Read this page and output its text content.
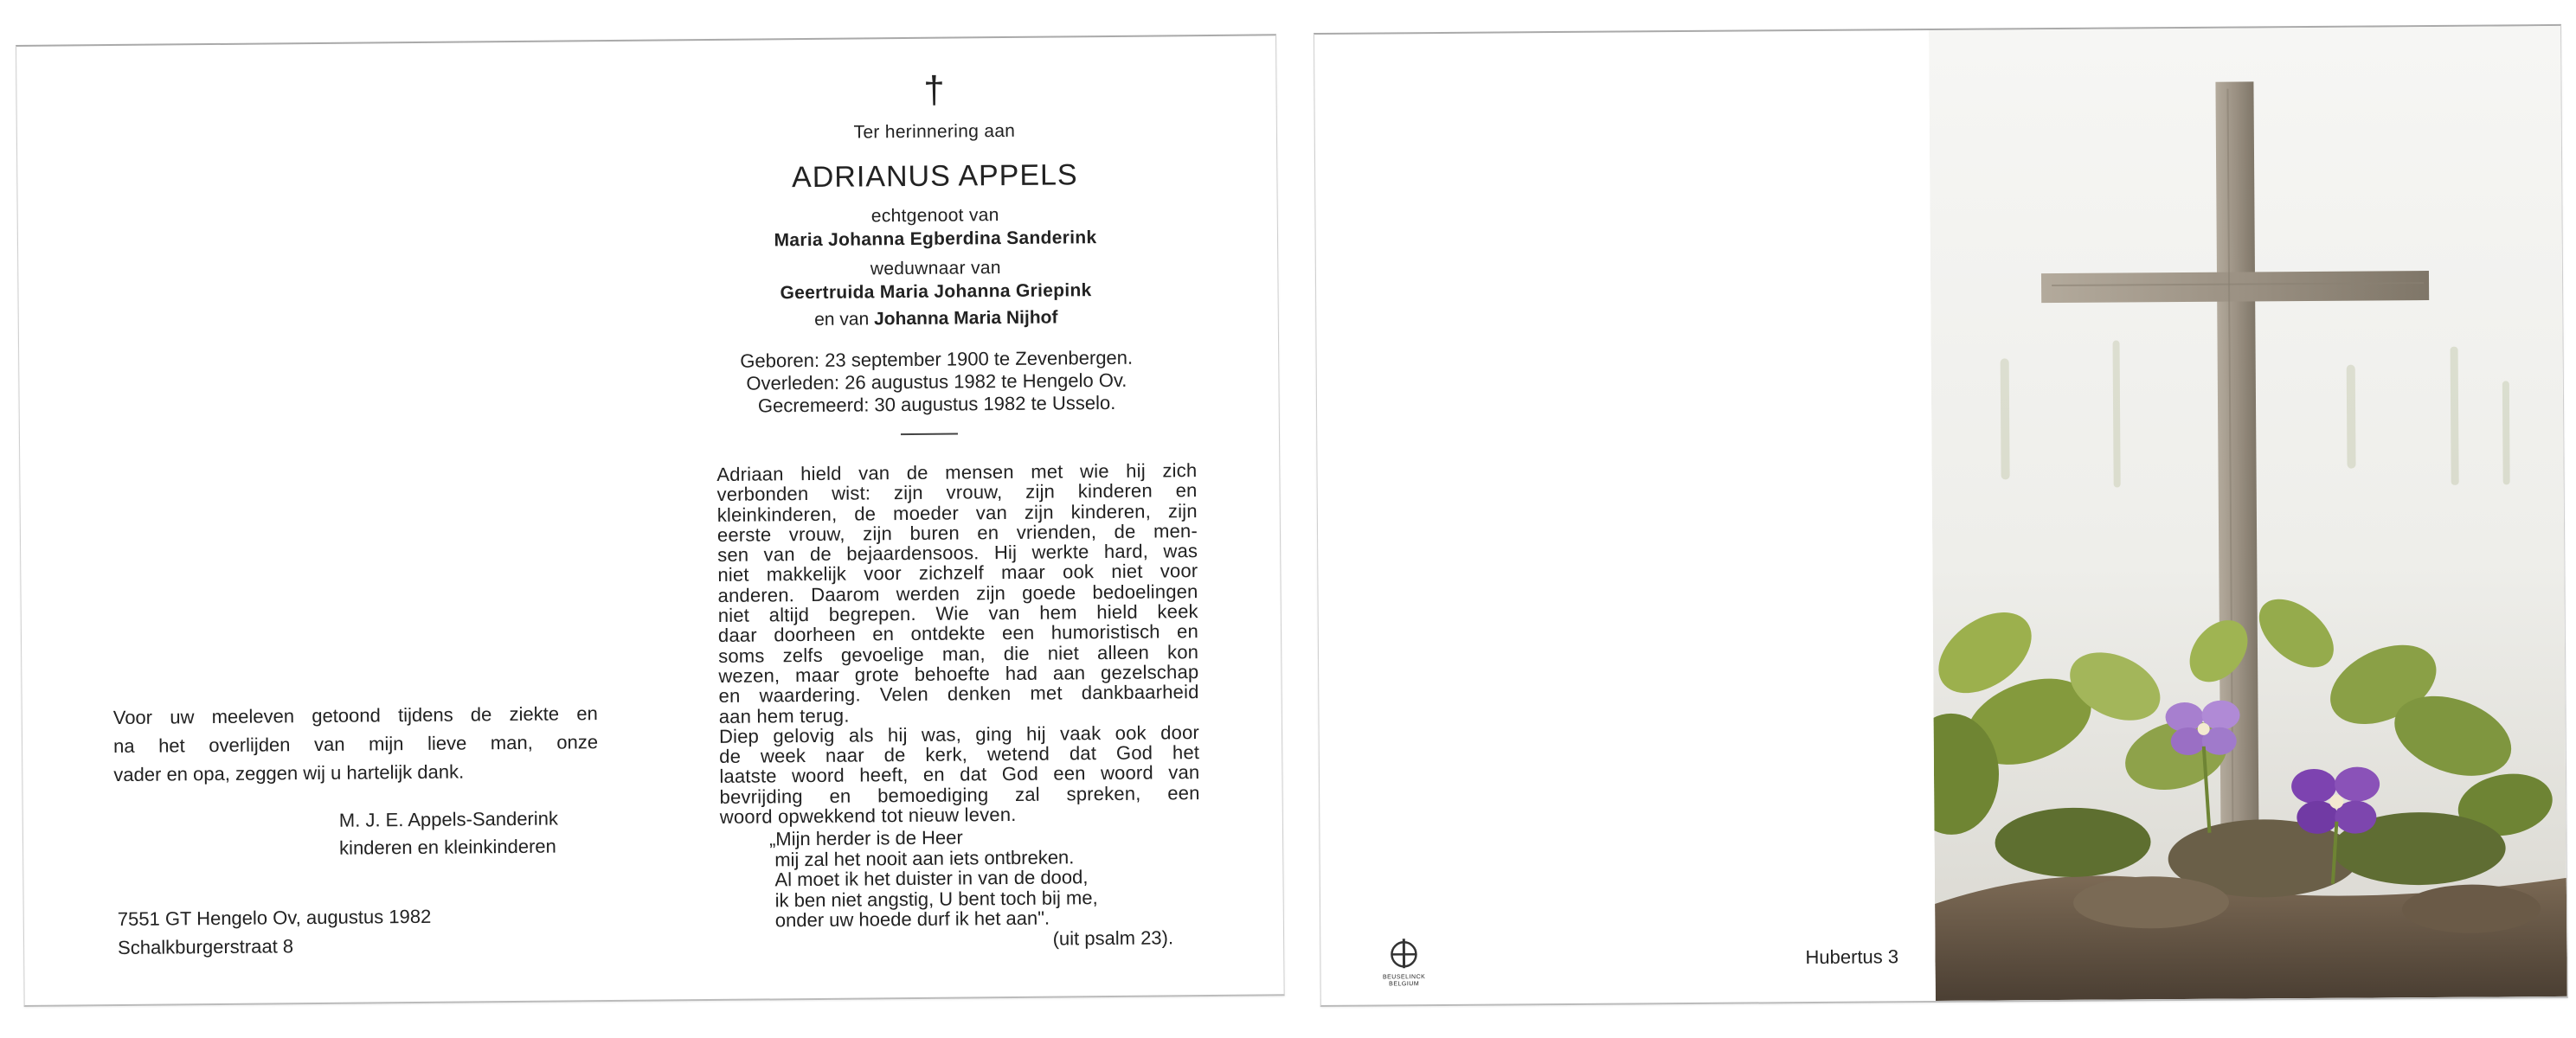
†
Ter herinnering aan
ADRIANUS APPELS
echtgenoot van
Maria Johanna Egberdina Sanderink
weduwnaar van
Geertruida Maria Johanna Griepink
en van Johanna Maria Nijhof
Geboren: 23 september 1900 te Zevenbergen.
Overleden: 26 augustus 1982 te Hengelo Ov.
Gecremeerd: 30 augustus 1982 te Usselo.
Adriaan hield van de mensen met wie hij zich
verbonden wist: zijn vrouw, zijn kinderen en
kleinkinderen, de moeder van zijn kinderen, zijn
eerste vrouw, zijn buren en vrienden, de men-
sen van de bejaardensoos. Hij werkte hard, was
niet makkelijk voor zichzelf maar ook niet voor
anderen. Daarom werden zijn goede bedoelingen
niet altijd begrepen. Wie van hem hield keek
daar doorheen en ontdekte een humoristisch en
soms zelfs gevoelige man, die niet alleen kon
wezen, maar grote behoefte had aan gezelschap
en waardering. Velen denken met dankbaarheid
aan hem terug.
Diep gelovig als hij was, ging hij vaak ook door
de week naar de kerk, wetend dat God het
laatste woord heeft, en dat God een woord van
bevrijding en bemoediging zal spreken, een
woord opwekkend tot nieuw leven.
„Mijn herder is de Heer
mij zal het nooit aan iets ontbreken.
Al moet ik het duister in van de dood,
ik ben niet angstig, U bent toch bij me,
onder uw hoede durf ik het aan".
(uit psalm 23).
Voor uw meeleven getoond tijdens de ziekte en
na het overlijden van mijn lieve man, onze
vader en opa, zeggen wij u hartelijk dank.
M. J. E. Appels-Sanderink
kinderen en kleinkinderen
7551 GT Hengelo Ov, augustus 1982
Schalkburgerstraat 8	Hubertus 3
BEUSELINCK
BELGIUM
